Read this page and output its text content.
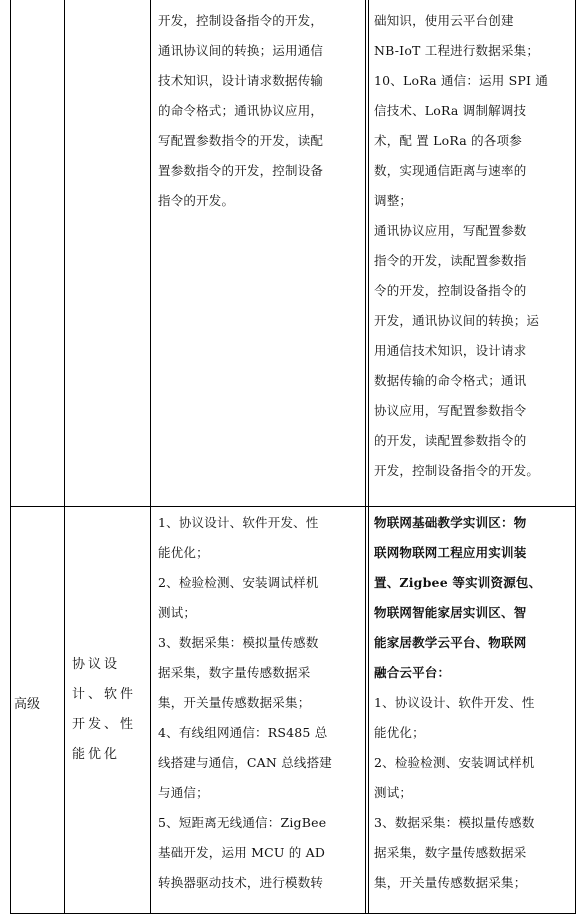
开发，控制设备指令的开发，

通讯协议间的转换；运用通信

技术知识，设计请求数据传输

的命令格式；通讯协议应用，

写配置参数指令的开发，读配

置参数指令的开发，控制设备

指令的开发。

础知识，使用云平台创建

NB-IoT 工程进行数据采集；

10、LoRa 通信：运用 SPI 通

信技术、LoRa 调制解调技

术，配 置 LoRa 的各项参

数，实现通信距离与速率的

调整；

通讯协议应用，写配置参数

指令的开发，读配置参数指

令的开发，控制设备指令的

开发，通讯协议间的转换；运

用通信技术知识，设计请求

数据传输的命令格式；通讯

协议应用，写配置参数指令

的开发，读配置参数指令的

开发，控制设备指令的开发。

高级
协议设计、软件开发、性能优化

1、协议设计、软件开发、性

能优化；

2、检验检测、安装调试样机

测试；

3、数据采集：模拟量传感数

据采集，数字量传感数据采

集，开关量传感数据采集；

4、有线组网通信：RS485 总

线搭建与通信，CAN 总线搭建

与通信；

5、短距离无线通信：ZigBee

基础开发，运用 MCU 的 AD

转换器驱动技术，进行模数转

物联网基础教学实训区：物

联网物联网工程应用实训装

置、Zigbee 等实训资源包、

物联网智能家居实训区、智

能家居教学云平台、物联网

融合云平台：

1、协议设计、软件开发、性

能优化；

2、检验检测、安装调试样机

测试；

3、数据采集：模拟量传感数

据采集，数字量传感数据采

集，开关量传感数据采集；
